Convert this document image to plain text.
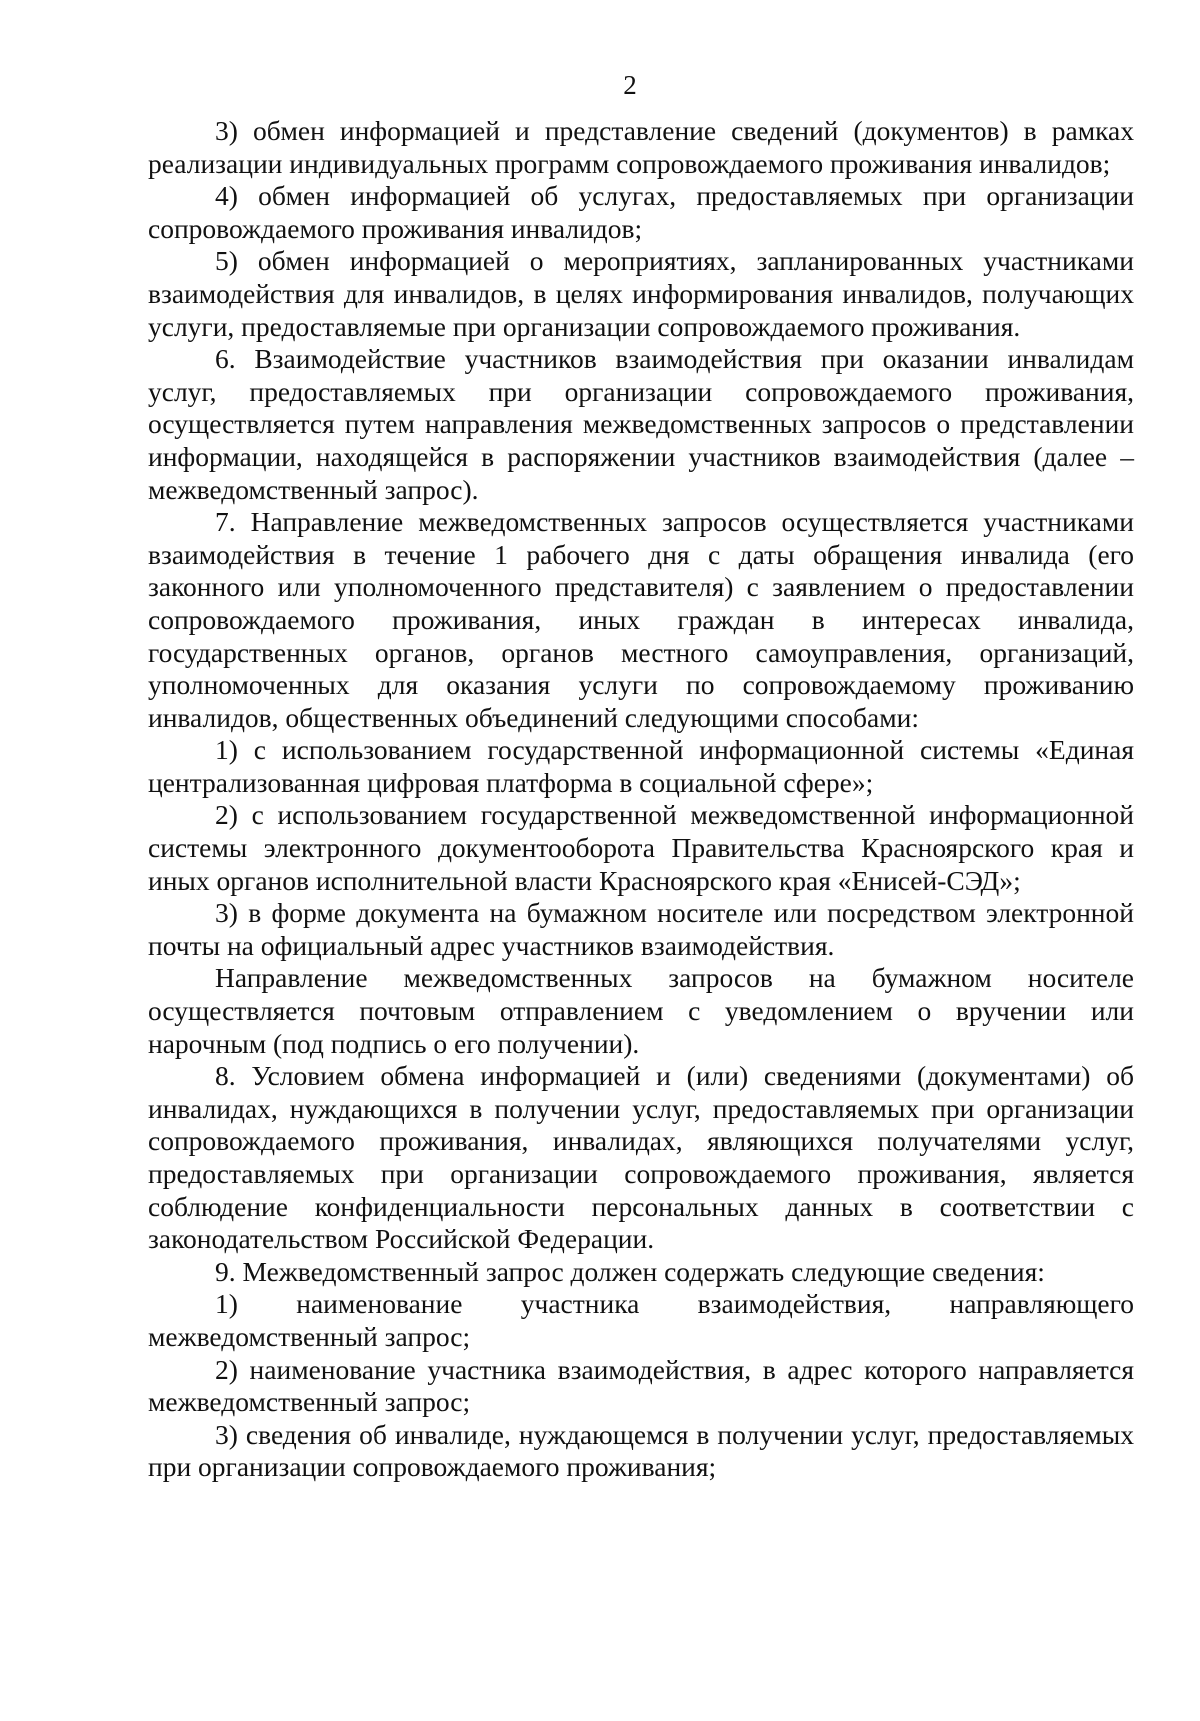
2

3) обмен информацией и представление сведений (документов) в рамках реализации индивидуальных программ сопровождаемого проживания инвалидов;

4) обмен информацией об услугах, предоставляемых при организации сопровождаемого проживания инвалидов;

5) обмен информацией о мероприятиях, запланированных участниками взаимодействия для инвалидов, в целях информирования инвалидов, получающих услуги, предоставляемые при организации сопровождаемого проживания.

6. Взаимодействие участников взаимодействия при оказании инвалидам услуг, предоставляемых при организации сопровождаемого проживания, осуществляется путем направления межведомственных запросов о представлении информации, находящейся в распоряжении участников взаимодействия (далее – межведомственный запрос).

7. Направление межведомственных запросов осуществляется участниками взаимодействия в течение 1 рабочего дня с даты обращения инвалида (его законного или уполномоченного представителя) с заявлением о предоставлении сопровождаемого проживания, иных граждан в интересах инвалида, государственных органов, органов местного самоуправления, организаций, уполномоченных для оказания услуги по сопровождаемому проживанию инвалидов, общественных объединений следующими способами:

1) с использованием государственной информационной системы «Единая централизованная цифровая платформа в социальной сфере»;

2) с использованием государственной межведомственной информационной системы электронного документооборота Правительства Красноярского края и иных органов исполнительной власти Красноярского края «Енисей-СЭД»;

3) в форме документа на бумажном носителе или посредством электронной почты на официальный адрес участников взаимодействия.

Направление межведомственных запросов на бумажном носителе осуществляется почтовым отправлением с уведомлением о вручении или нарочным (под подпись о его получении).

8. Условием обмена информацией и (или) сведениями (документами) об инвалидах, нуждающихся в получении услуг, предоставляемых при организации сопровождаемого проживания, инвалидах, являющихся получателями услуг, предоставляемых при организации сопровождаемого проживания, является соблюдение конфиденциальности персональных данных в соответствии с законодательством Российской Федерации.

9. Межведомственный запрос должен содержать следующие сведения:

1) наименование участника взаимодействия, направляющего межведомственный запрос;

2) наименование участника взаимодействия, в адрес которого направляется межведомственный запрос;

3) сведения об инвалиде, нуждающемся в получении услуг, предоставляемых при организации сопровождаемого проживания;
